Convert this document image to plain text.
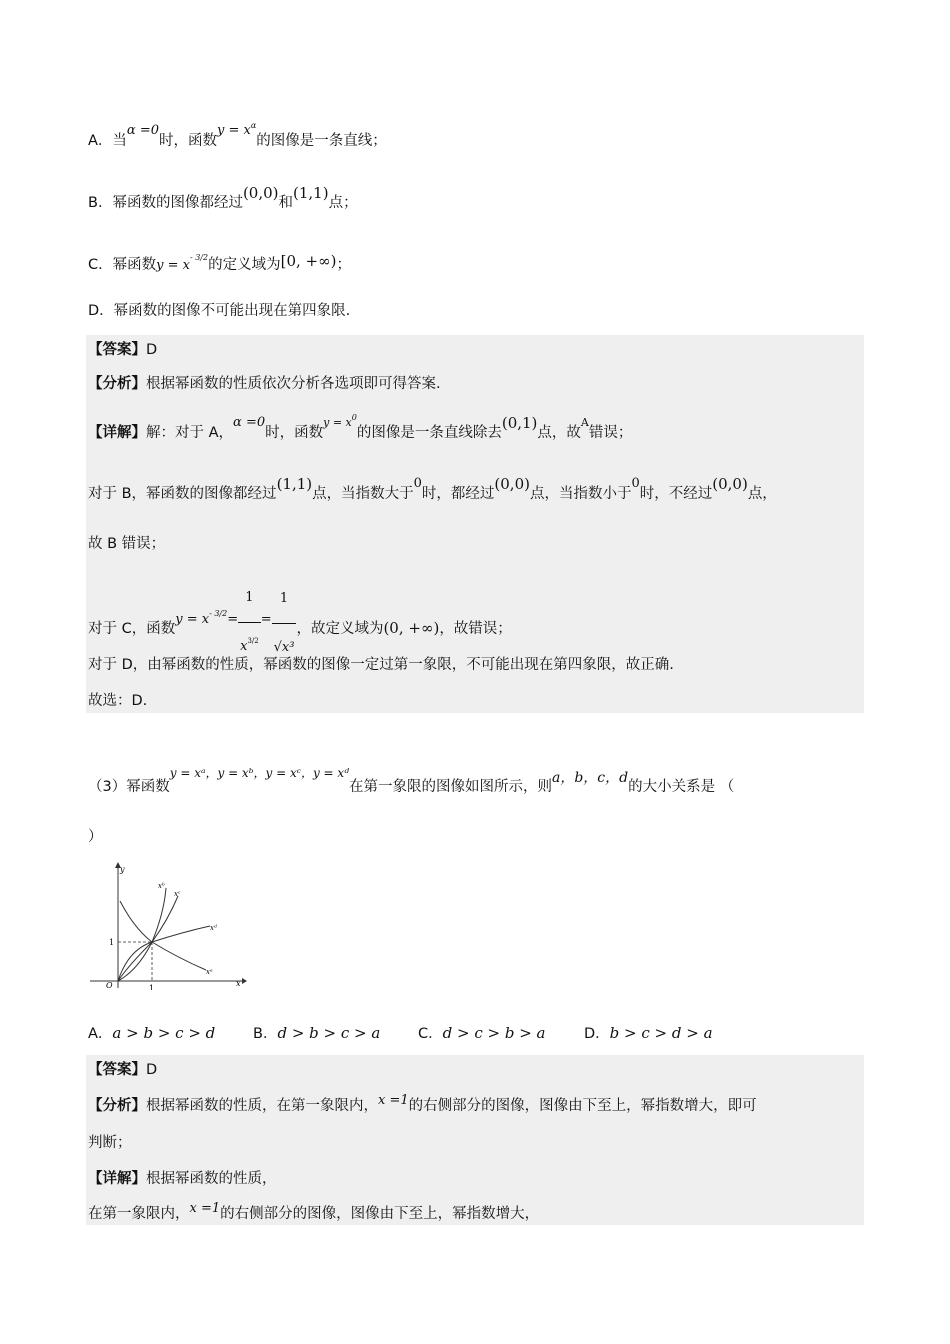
A．当α =0时，函数$y = x^\alpha$的图像是一条直线；
B．幂函数的图像都经过(0,0)和(1,1)点；
C．幂函数$y = x^{- 3/2}$的定义域为[0, +∞)；
D．幂函数的图像不可能出现在第四象限.
【答案】D
【分析】根据幂函数的性质依次分析各选项即可得答案.
【详解】解：对于 A，α =0时，函数$^{y = x^0}$的图像是一条直线除去(0,1)点，故$^A$错误；
对于 B，幂函数的图像都经过(1,1)点，当指数大于0时，都经过(0,0)点，当指数小于0时，不经过(0,0)点，
故 B 错误；
对于 C，函数$y = x^{- 3/2}= \frac{1}{x^{3/2}} = \frac{1}{\text{√x³}}$ ，故定义域为(0, +∞)，故错误；
对于 D，由幂函数的性质，幂函数的图像一定过第一象限，不可能出现在第四象限，故正确.
故选：D.
（3）幂函数$^{y = xᵃ,y = xᵇ,y = xᶜ,y = xᵈ}$在第一象限的图像如图所示，则a，b，c，d的大小关系是 （
）
y
x
O	1
1
xᵃ
xᵇ
xᶜ
xᵈ
A．a > b > c > d	B．d > b > c > a	C．d > c > b > a	D．b > c > d > a
【答案】D
【分析】根据幂函数的性质，在第一象限内，x =1的右侧部分的图像，图像由下至上，幂指数增大，即可
判断；
【详解】根据幂函数的性质，
在第一象限内，x =1的右侧部分的图像，图像由下至上，幂指数增大，
